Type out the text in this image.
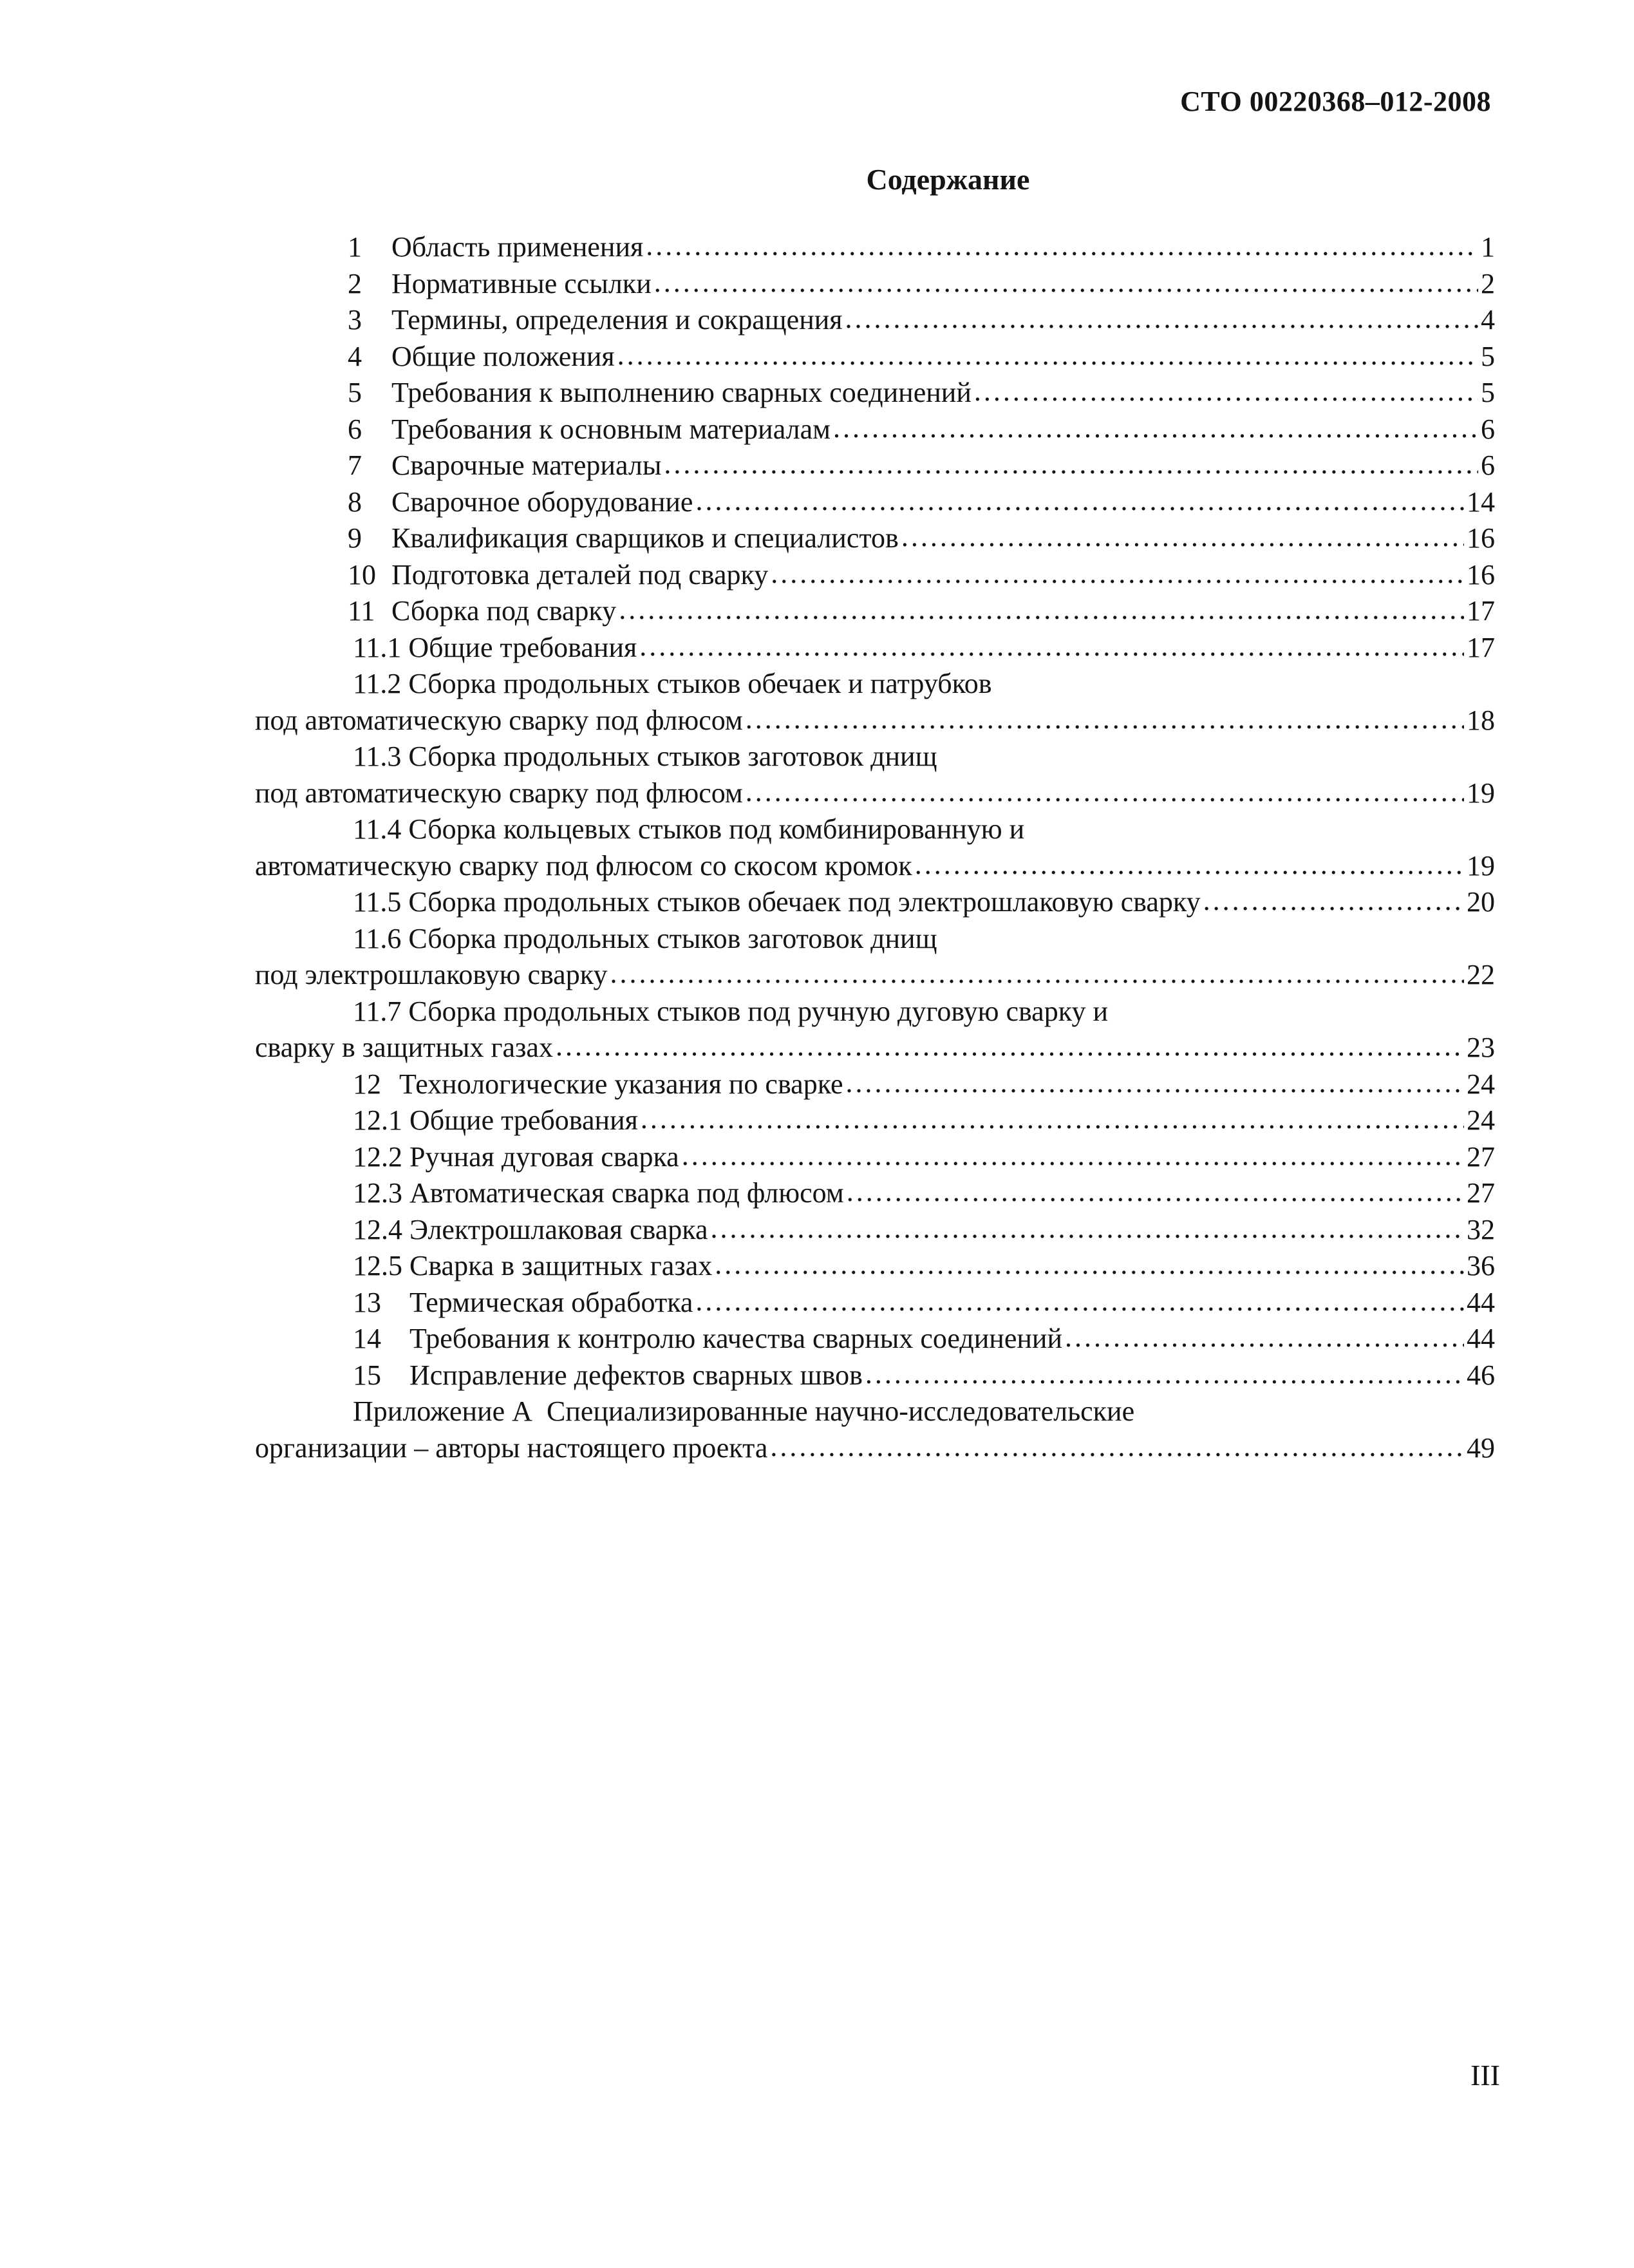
СТО 00220368–012-2008
Содержание
1	Область применения .....	1
2	Нормативные ссылки .....	2
3	Термины, определения и сокращения .....	4
4	Общие положения .....	5
5	Требования к выполнению сварных соединений .....	5
6	Требования к основным материалам .....	6
7	Сварочные материалы .....	6
8	Сварочное оборудование .....	14
9	Квалификация сварщиков и специалистов .....	16
10 Подготовка деталей под сварку .....	16
11 Сборка под сварку .....	17
11.1
Общие требования .....	17
11.2
Сборка продольных стыков обечаек и патрубков
под автоматическую сварку под флюсом .....	18
11.3
Сборка продольных стыков заготовок днищ
под автоматическую сварку под флюсом .....	19
11.4
Сборка кольцевых стыков под комбинированную и
автоматическую сварку под флюсом со скосом кромок .....	19
11.5
Сборка продольных стыков обечаек под электрошлаковую сварку .....	20
11.6
Сборка продольных стыков заготовок днищ
под электрошлаковую сварку .....	22
11.7
Сборка продольных стыков под ручную дуговую сварку и
сварку в защитных газах .....	23
12 Технологические указания по сварке .....	24
12.1
Общие требования .....	24
12.2
Ручная дуговая сварка .....	27
12.3
Автоматическая сварка под флюсом .....	27
12.4
Электрошлаковая сварка .....	32
12.5
Сварка в защитных газах .....	36
13	Термическая обработка .....	44
14	Требования к контролю качества сварных соединений .....	44
15	Исправление дефектов сварных швов .....	46
Приложение А
Специализированные научно-исследовательские
организации – авторы настоящего проекта .....	49
III
